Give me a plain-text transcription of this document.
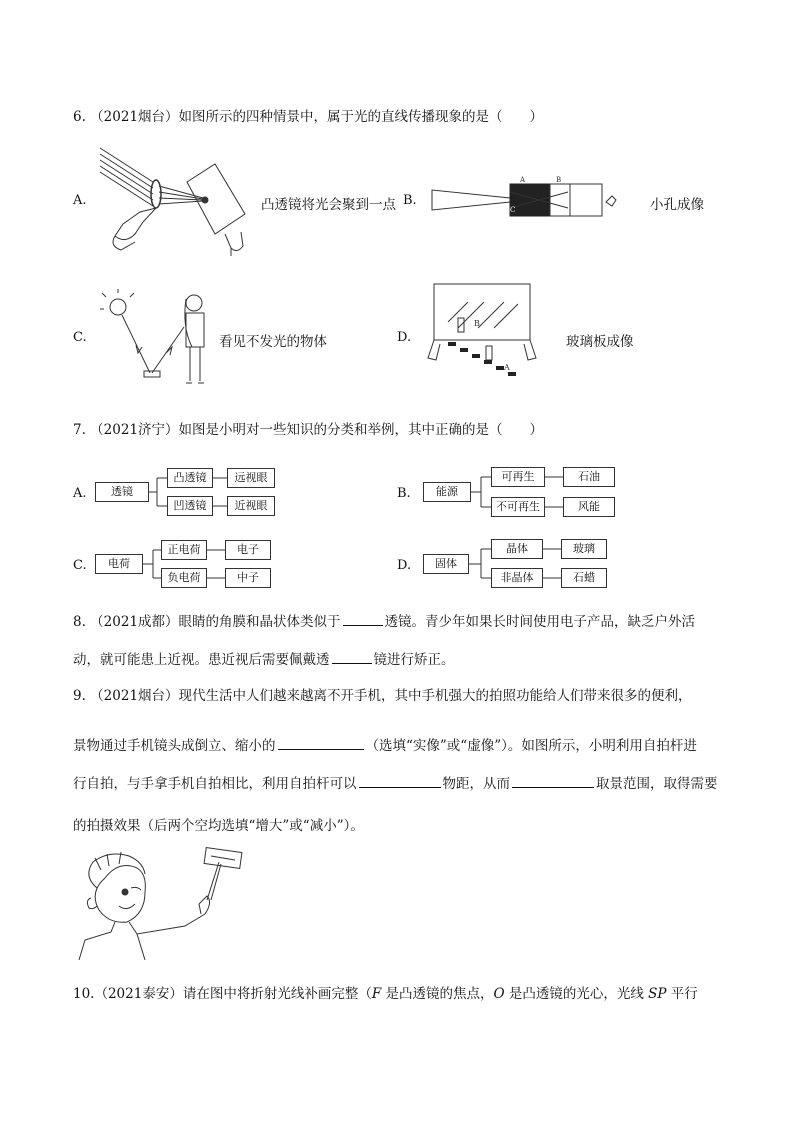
6. （2021烟台）如图所示的四种情景中，属于光的直线传播现象的是（　　）
A.	凸透镜将光会聚到一点 B.
C
B
A
小孔成像
C.	看见不发光的物体	D.
B
A
玻璃板成像
7. （2021济宁）如图是小明对一些知识的分类和举例，其中正确的是（　　）
A.	透镜
凸透镜
凹透镜
远视眼
近视眼
B.	能源
可再生
不可再生
石油
风能
C.	电荷
正电荷
负电荷
电子
中子
D.	固体
晶体
非晶体
玻璃
石蜡
8. （2021成都）眼睛的角膜和晶状体类似于	透镜。青少年如果长时间使用电子产品，缺乏户外活
动，就可能患上近视。患近视后需要佩戴透	镜进行矫正。
9. （2021烟台）现代生活中人们越来越离不开手机，其中手机强大的拍照功能给人们带来很多的便利，
景物通过手机镜头成倒立、缩小的	（选填“实像”或“虚像”）。如图所示，小明利用自拍杆进
行自拍，与手拿手机自拍相比，利用自拍杆可以	物距，从而	取景范围，取得需要
的拍摄效果（后两个空均选填“增大”或“减小”）。
10.（2021泰安）请在图中将折射光线补画完整（F 是凸透镜的焦点，O 是凸透镜的光心，光线 SP 平行
